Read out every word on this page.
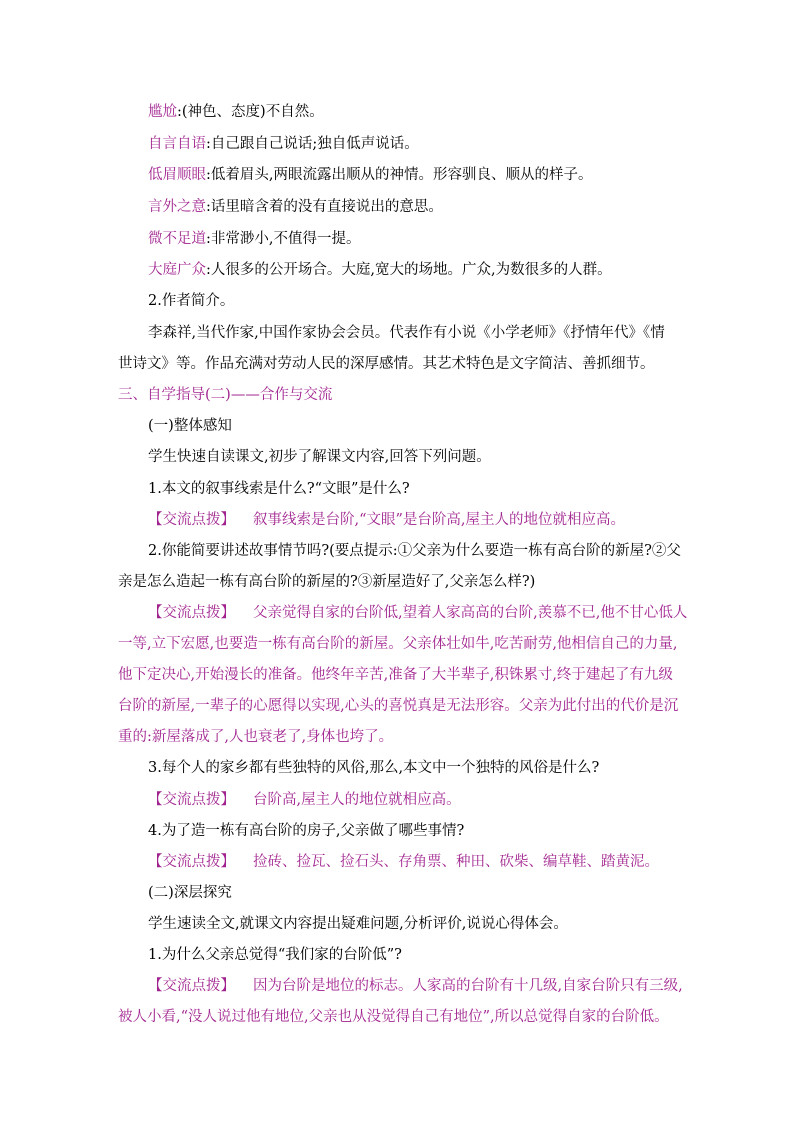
尴尬:(神色、态度)不自然。
自言自语:自己跟自己说话;独自低声说话。
低眉顺眼:低着眉头,两眼流露出顺从的神情。形容驯良、顺从的样子。
言外之意:话里暗含着的没有直接说出的意思。
微不足道:非常渺小,不值得一提。
大庭广众:人很多的公开场合。大庭,宽大的场地。广众,为数很多的人群。
2.作者简介。
李森祥,当代作家,中国作家协会会员。代表作有小说《小学老师》《抒情年代》《情
世诗文》等。作品充满对劳动人民的深厚感情。其艺术特色是文字简洁、善抓细节。
三、自学指导(二)——合作与交流
(一)整体感知
学生快速自读课文,初步了解课文内容,回答下列问题。
1.本文的叙事线索是什么?“文眼”是什么?
【交流点拨】 叙事线索是台阶,“文眼”是台阶高,屋主人的地位就相应高。
2.你能简要讲述故事情节吗?(要点提示:①父亲为什么要造一栋有高台阶的新屋?②父
亲是怎么造起一栋有高台阶的新屋的?③新屋造好了,父亲怎么样?)
【交流点拨】 父亲觉得自家的台阶低,望着人家高高的台阶,羡慕不已,他不甘心低人
一等,立下宏愿,也要造一栋有高台阶的新屋。父亲体壮如牛,吃苦耐劳,他相信自己的力量,
他下定决心,开始漫长的准备。他终年辛苦,准备了大半辈子,积铢累寸,终于建起了有九级
台阶的新屋,一辈子的心愿得以实现,心头的喜悦真是无法形容。父亲为此付出的代价是沉
重的:新屋落成了,人也衰老了,身体也垮了。
3.每个人的家乡都有些独特的风俗,那么,本文中一个独特的风俗是什么?
【交流点拨】 台阶高,屋主人的地位就相应高。
4.为了造一栋有高台阶的房子,父亲做了哪些事情?
【交流点拨】 捡砖、捡瓦、捡石头、存角票、种田、砍柴、编草鞋、踏黄泥。
(二)深层探究
学生速读全文,就课文内容提出疑难问题,分析评价,说说心得体会。
1.为什么父亲总觉得“我们家的台阶低”?
【交流点拨】 因为台阶是地位的标志。人家高的台阶有十几级,自家台阶只有三级,
被人小看,“没人说过他有地位,父亲也从没觉得自己有地位”,所以总觉得自家的台阶低。
